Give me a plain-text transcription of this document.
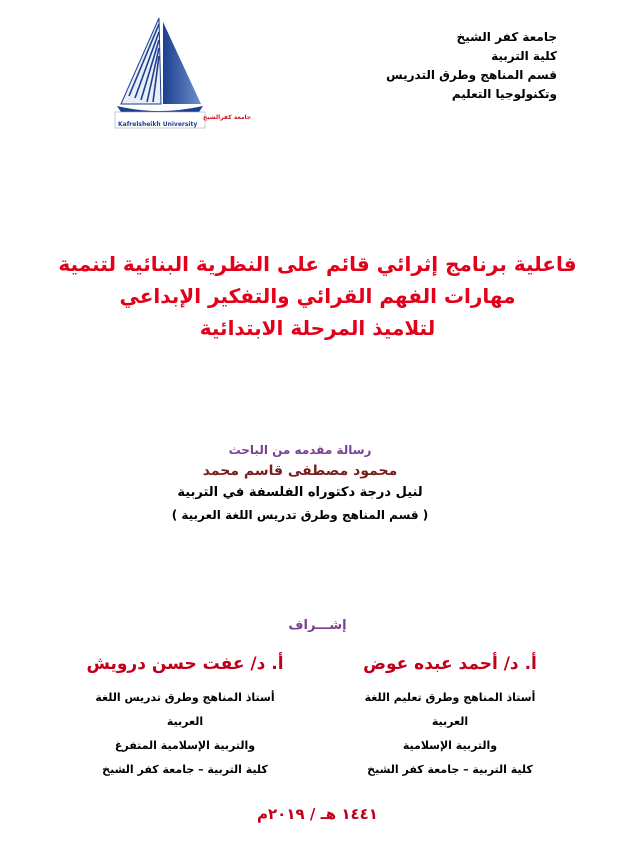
جامعة كفر الشيخ
كلية التربية
قسم المناهج وطرق التدريس
وتكنولوجيا التعليم
جامعة كفرالشيخ
Kafrelsheikh University
فاعلية برنامج إثرائي قائم على النظرية البنائية لتنمية
مهارات الفهم القرائي والتفكير الإبداعي
لتلاميذ المرحلة الابتدائية
رسالة مقدمه من الباحث
محمود مصطفى قاسم محمد
لنيل درجة دكتوراه الفلسفة في التربية
( قسم المناهج وطرق تدريس اللغة العربية )
إشـــراف
أ. د/ أحمد عبده عوض
أستاذ المناهج وطرق تعليم اللغة العربية
والتربية الإسلامية
كلية التربية – جامعة كفر الشيخ
أ. د/ عفت حسن درويش
أستاذ المناهج وطرق تدريس اللغة العربية
والتربية الإسلامية المتفرغ
كلية التربية – جامعة كفر الشيخ
١٤٤١ هـ / ٢٠١٩م
